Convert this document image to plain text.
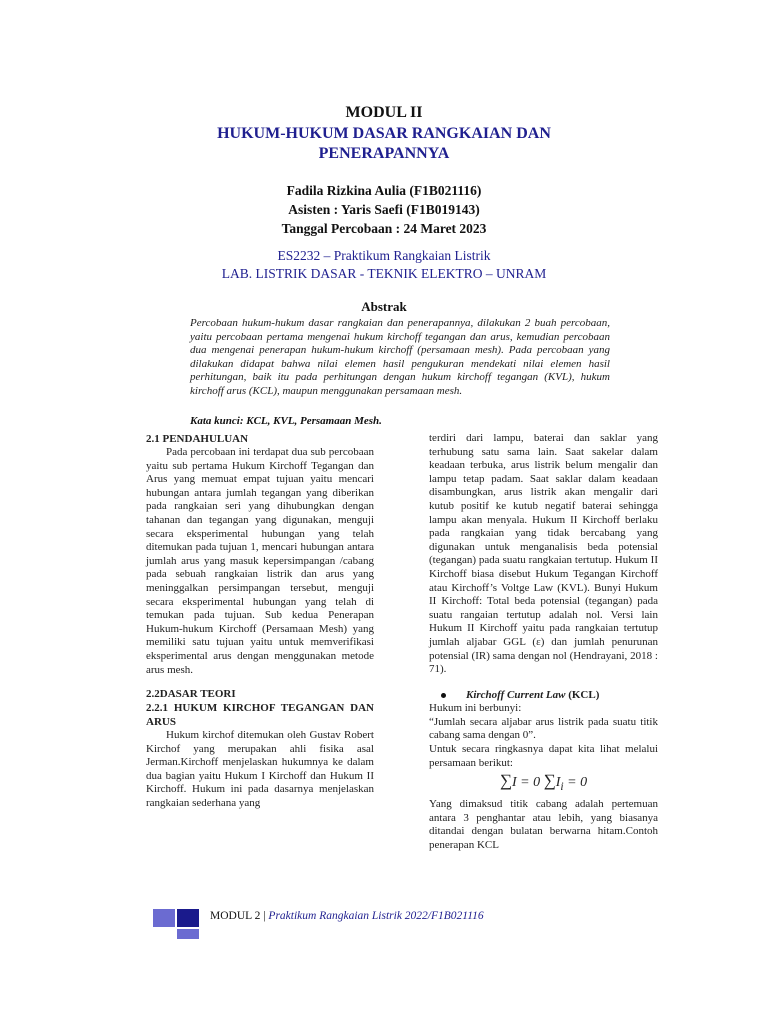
MODUL II
HUKUM-HUKUM DASAR RANGKAIAN DAN
PENERAPANNYA
Fadila Rizkina Aulia (F1B021116)
Asisten : Yaris Saefi (F1B019143)
Tanggal Percobaan : 24 Maret 2023
ES2232 – Praktikum Rangkaian Listrik
LAB. LISTRIK DASAR - TEKNIK ELEKTRO – UNRAM
Abstrak
Percobaan hukum-hukum dasar rangkaian dan penerapannya, dilakukan 2 buah percobaan, yaitu percobaan pertama mengenai hukum kirchoff tegangan dan arus, kemudian percobaan dua mengenai penerapan hukum-hukum kirchoff (persamaan mesh). Pada percobaan yang dilakukan didapat bahwa nilai elemen hasil pengukuran mendekati nilai elemen hasil perhitungan, baik itu pada perhitungan dengan hukum kirchoff tegangan (KVL), hukum kirchoff arus (KCL), maupun menggunakan persamaan mesh.
Kata kunci: KCL, KVL, Persamaan Mesh.

2.1 PENDAHULUAN

Pada percobaan ini terdapat dua sub percobaan yaitu sub pertama Hukum Kirchoff Tegangan dan Arus yang memuat empat tujuan yaitu mencari hubungan antara jumlah tegangan yang diberikan pada rangkaian seri yang dihubungkan dengan tahanan dan tegangan yang digunakan, menguji secara eksperimental hubungan yang telah ditemukan pada tujuan 1, mencari hubungan antara jumlah arus yang masuk kepersimpangan /cabang pada sebuah rangkaian listrik dan arus yang meninggalkan persimpangan tersebut, menguji secara eksperimental hubungan yang telah di temukan pada tujuan. Sub kedua Penerapan Hukum-hukum Kirchoff (Persamaan Mesh) yang memiliki satu tujuan yaitu untuk memverifikasi eksperimental arus dengan menggunakan metode arus mesh.

2.2DASAR TEORI

2.2.1 HUKUM KIRCHOF TEGANGAN DAN ARUS

Hukum kirchof ditemukan oleh Gustav Robert Kirchof yang merupakan ahli fisika asal Jerman.Kirchoff menjelaskan hukumnya ke dalam dua bagian yaitu Hukum I Kirchoff dan Hukum II Kirchoff. Hukum ini pada dasarnya menjelaskan rangkaian sederhana yang

terdiri dari lampu, baterai dan saklar yang terhubung satu sama lain. Saat sakelar dalam keadaan terbuka, arus listrik belum mengalir dan lampu tetap padam. Saat saklar dalam keadaan disambungkan, arus listrik akan mengalir dari kutub positif ke kutub negatif baterai sehingga lampu akan menyala. Hukum II Kirchoff berlaku pada rangkaian yang tidak bercabang yang digunakan untuk menganalisis beda potensial (tegangan) pada suatu rangkaian tertutup. Hukum II Kirchoff biasa disebut Hukum Tegangan Kirchoff atau Kirchoff’s Voltge Law (KVL). Bunyi Hukum II Kirchoff: Total beda potensial (tegangan) pada suatu rangaian tertutup adalah nol. Versi lain Hukum II Kirchoff yaitu pada rangkaian tertutup jumlah aljabar GGL (ε) dan jumlah penurunan potensial (IR) sama dengan nol (Hendrayani, 2018 : 71).

Kirchoff Current Law (KCL)

Hukum ini berbunyi:

“Jumlah secara aljabar arus listrik pada suatu titik cabang sama dengan 0”.

Untuk secara ringkasnya dapat kita lihat melalui persamaan berikut:

∑I = 0 $\sum I_i = 0$

Yang dimaksud titik cabang adalah pertemuan antara 3 penghantar atau lebih, yang biasanya ditandai dengan bulatan berwarna hitam.Contoh penerapan KCL

MODUL 2 | Praktikum Rangkaian Listrik 2022/F1B021116
